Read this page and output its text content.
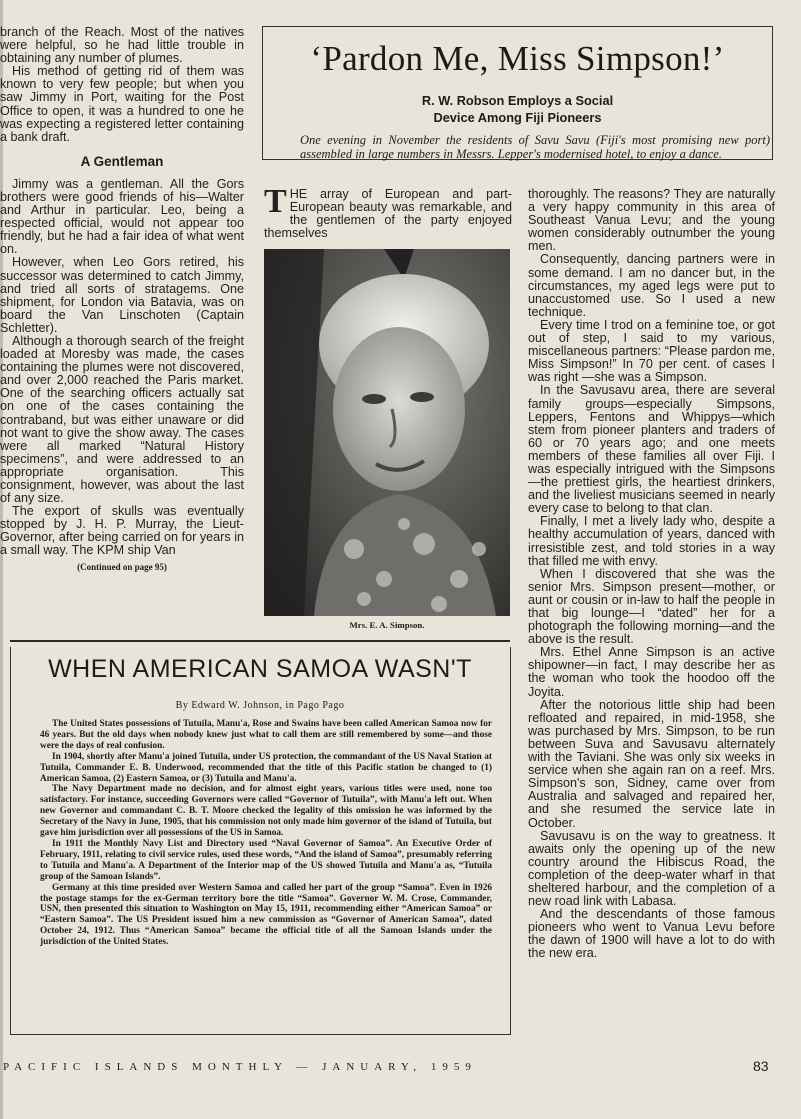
branch of the Reach. Most of the natives were helpful, so he had little trouble in obtaining any number of plumes.

His method of getting rid of them was known to very few people; but when you saw Jimmy in Port, waiting for the Post Office to open, it was a hundred to one he was expecting a registered letter containing a bank draft.

A Gentleman

Jimmy was a gentleman. All the Gors brothers were good friends of his—Walter and Arthur in particular. Leo, being a respected official, would not appear too friendly, but he had a fair idea of what went on.

However, when Leo Gors retired, his successor was determined to catch Jimmy, and tried all sorts of stratagems. One shipment, for London via Batavia, was on board the Van Linschoten (Captain Schletter).

Although a thorough search of the freight loaded at Moresby was made, the cases containing the plumes were not discovered, and over 2,000 reached the Paris market. One of the searching officers actually sat on one of the cases containing the contraband, but was either unaware or did not want to give the show away. The cases were all marked “Natural History specimens”, and were addressed to an appropriate organisation. This consignment, however, was about the last of any size.

The export of skulls was eventually stopped by J. H. P. Murray, the Lieut-Governor, after being carried on for years in a small way. The KPM ship Van

(Continued on page 95)
‘Pardon Me, Miss Simpson!’
R. W. Robson Employs a Social
Device Among Fiji Pioneers

One evening in November the residents of Savu Savu (Fiji's most promising new port) assembled in large numbers in Messrs. Lepper's modernised hotel, to enjoy a dance.

THE array of European and part-European beauty was remarkable, and the gentlemen of the party enjoyed themselves

Mrs. E. A. Simpson.

thoroughly. The reasons? They are naturally a very happy community in this area of Southeast Vanua Levu; and the young women considerably outnumber the young men.

Consequently, dancing partners were in some demand. I am no dancer but, in the circumstances, my aged legs were put to unaccustomed use. So I used a new technique.

Every time I trod on a feminine toe, or got out of step, I said to my various, miscellaneous partners: “Please pardon me, Miss Simpson!” In 70 per cent. of cases I was right —she was a Simpson.

In the Savusavu area, there are several family groups—especially Simpsons, Leppers, Fentons and Whippys—which stem from pioneer planters and traders of 60 or 70 years ago; and one meets members of these families all over Fiji. I was especially intrigued with the Simpsons—the prettiest girls, the heartiest drinkers, and the liveliest musicians seemed in nearly every case to belong to that clan.

Finally, I met a lively lady who, despite a healthy accumulation of years, danced with irresistible zest, and told stories in a way that filled me with envy.

When I discovered that she was the senior Mrs. Simpson present—mother, or aunt or cousin or in-law to half the people in that big lounge—I “dated” her for a photograph the following morning—and the above is the result.

Mrs. Ethel Anne Simpson is an active shipowner—in fact, I may describe her as the woman who took the hoodoo off the Joyita.

After the notorious little ship had been refloated and repaired, in mid-1958, she was purchased by Mrs. Simpson, to be run between Suva and Savusavu alternately with the Taviani. She was only six weeks in service when she again ran on a reef. Mrs. Simpson's son, Sidney, came over from Australia and salvaged and repaired her, and she resumed the service late in October.

Savusavu is on the way to greatness. It awaits only the opening up of the new country around the Hibiscus Road, the completion of the deep-water wharf in that sheltered harbour, and the completion of a new road link with Labasa.

And the descendants of those famous pioneers who went to Vanua Levu before the dawn of 1900 will have a lot to do with the new era.

WHEN AMERICAN SAMOA WASN'T
By Edward W. Johnson, in Pago Pago

The United States possessions of Tutuila, Manu'a, Rose and Swains have been called American Samoa now for 46 years. But the old days when nobody knew just what to call them are still remembered by some—and those were the days of real confusion.

In 1904, shortly after Manu'a joined Tutuila, under US protection, the commandant of the US Naval Station at Tutuila, Commander E. B. Underwood, recommended that the title of this Pacific station be changed to (1) American Samoa, (2) Eastern Samoa, or (3) Tutuila and Manu'a.

The Navy Department made no decision, and for almost eight years, various titles were used, none too satisfactory. For instance, succeeding Governors were called “Governor of Tutuila”, with Manu'a left out. When new Governor and commandant C. B. T. Moore checked the legality of this omission he was informed by the Secretary of the Navy in June, 1905, that his commission not only made him governor of the island of Tutuila, but gave him jurisdiction over all possessions of the US in Samoa.

In 1911 the Monthly Navy List and Directory used “Naval Governor of Samoa”. An Executive Order of February, 1911, relating to civil service rules, used these words, “And the island of Samoa”, presumably referring to Tutuila and Manu'a. A Department of the Interior map of the US showed Tutuila and Manu'a as, “Tutuila group of the Samoan Islands”.

Germany at this time presided over Western Samoa and called her part of the group “Samoa”. Even in 1926 the postage stamps for the ex-German territory bore the title “Samoa”. Governor W. M. Crose, Commander, USN, then presented this situation to Washington on May 15, 1911, recommending either “American Samoa” or “Eastern Samoa”. The US President issued him a new commission as “Governor of American Samoa”, dated October 24, 1912. Thus “American Samoa” became the official title of all the Samoan Islands under the jurisdiction of the United States.

PACIFIC ISLANDS MONTHLY — JANUARY, 1959	83
